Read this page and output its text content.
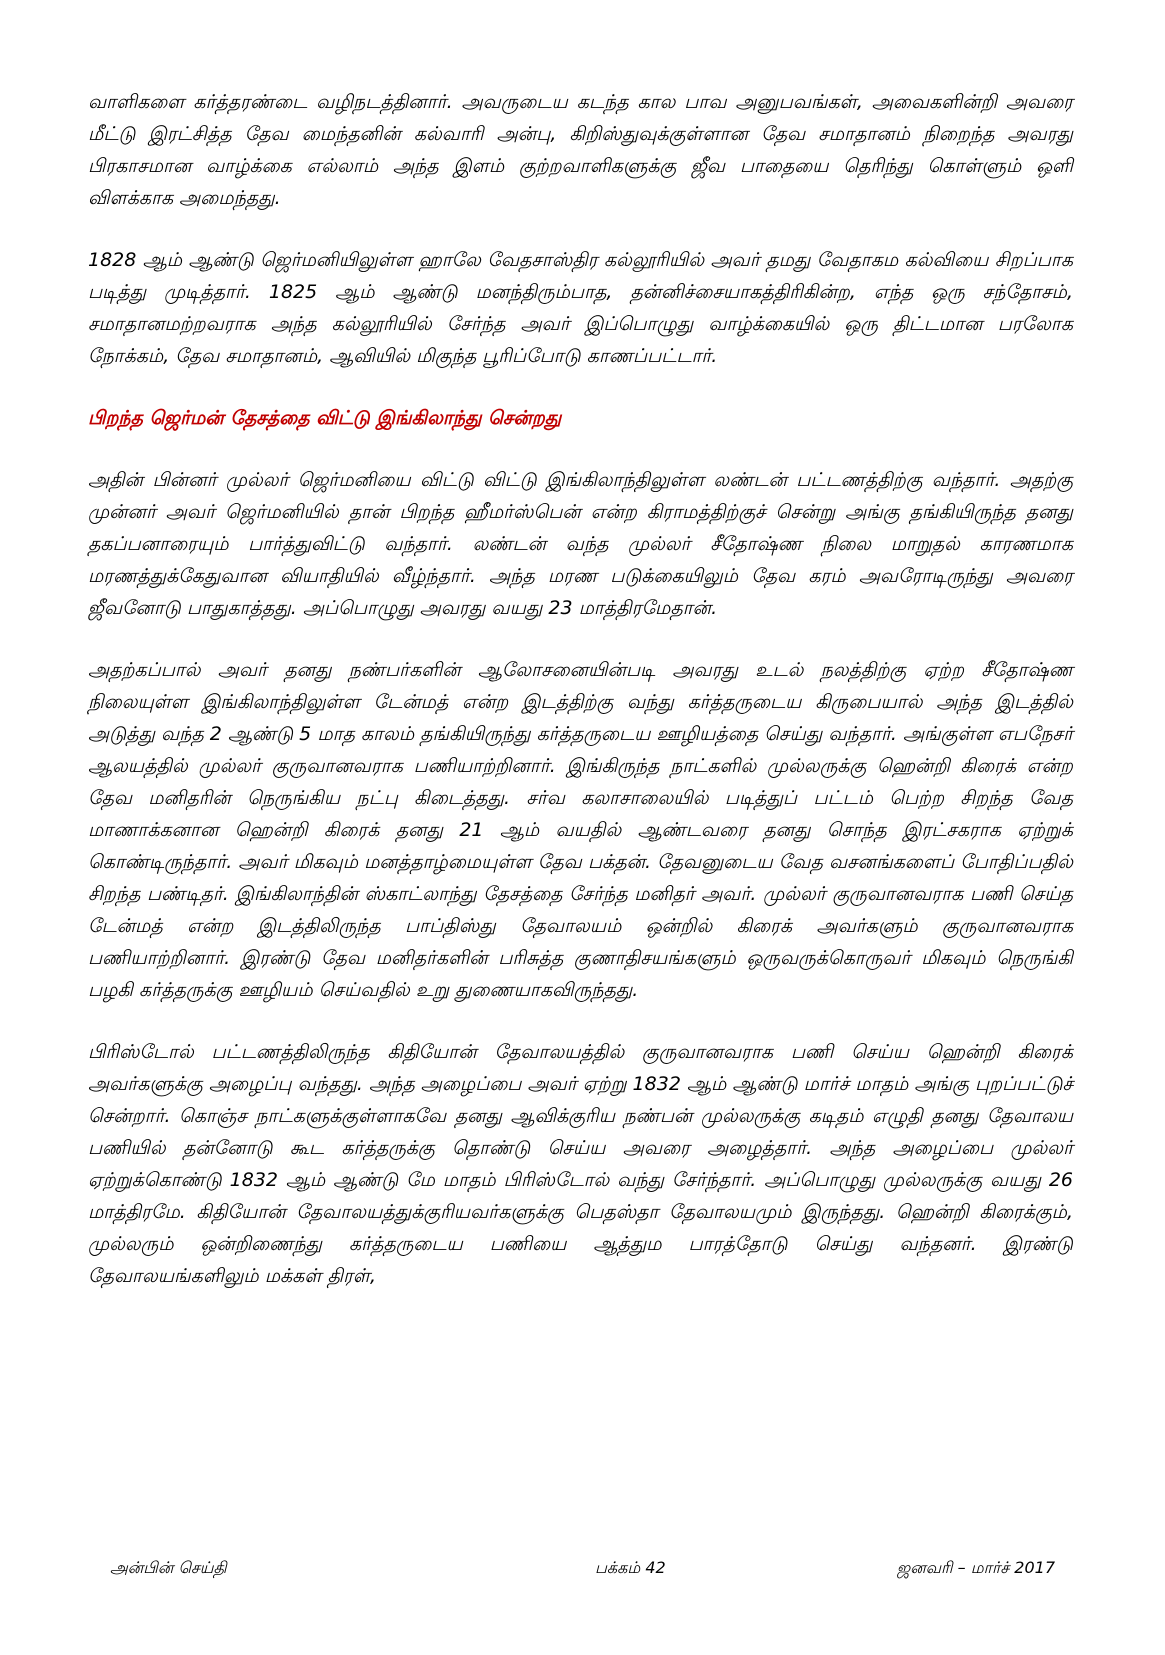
வாளிகளை கர்த்தரண்டை வழிநடத்தினார். அவருடைய கடந்த கால பாவ அனுபவங்கள், அவைகளின்றி அவரை மீட்டு இரட்சித்த தேவ மைந்தனின் கல்வாரி அன்பு, கிறிஸ்துவுக்குள்ளான தேவ சமாதானம் நிறைந்த அவரது பிரகாசமான வாழ்க்கை எல்லாம் அந்த இளம் குற்றவாளிகளுக்கு ஜீவ பாதையை தெரிந்து கொள்ளும் ஒளி விளக்காக அமைந்தது.

1828 ஆம் ஆண்டு ஜெர்மனியிலுள்ள ஹாலே வேதசாஸ்திர கல்லூரியில் அவர் தமது வேதாகம கல்வியை சிறப்பாக படித்து முடித்தார். 1825 ஆம் ஆண்டு மனந்திரும்பாத, தன்னிச்சையாகத்திரிகின்ற, எந்த ஒரு சந்தோசம், சமாதானமற்றவராக அந்த கல்லூரியில் சேர்ந்த அவர் இப்பொழுது வாழ்க்கையில் ஒரு திட்டமான பரலோக நோக்கம், தேவ சமாதானம், ஆவியில் மிகுந்த பூரிப்போடு காணப்பட்டார்.

பிறந்த ஜெர்மன் தேசத்தை விட்டு இங்கிலாந்து சென்றது

அதின் பின்னர் முல்லர் ஜெர்மனியை விட்டு விட்டு இங்கிலாந்திலுள்ள லண்டன் பட்டணத்திற்கு வந்தார். அதற்கு முன்னர் அவர் ஜெர்மனியில் தான் பிறந்த ஹீமர்ஸ்பென் என்ற கிராமத்திற்குச் சென்று அங்கு தங்கியிருந்த தனது தகப்பனாரையும் பார்த்துவிட்டு வந்தார். லண்டன் வந்த முல்லர் சீதோஷ்ண நிலை மாறுதல் காரணமாக மரணத்துக்கேதுவான வியாதியில் வீழ்ந்தார். அந்த மரண படுக்கையிலும் தேவ கரம் அவரோடிருந்து அவரை ஜீவனோடு பாதுகாத்தது. அப்பொழுது அவரது வயது 23 மாத்திரமேதான்.

அதற்கப்பால் அவர் தனது நண்பர்களின் ஆலோசனையின்படி அவரது உடல் நலத்திற்கு ஏற்ற சீதோஷ்ண நிலையுள்ள இங்கிலாந்திலுள்ள டேன்மத் என்ற இடத்திற்கு வந்து கர்த்தருடைய கிருபையால் அந்த இடத்தில் அடுத்து வந்த 2 ஆண்டு 5 மாத காலம் தங்கியிருந்து கர்த்தருடைய ஊழியத்தை செய்து வந்தார். அங்குள்ள எபநேசர் ஆலயத்தில் முல்லர் குருவானவராக பணியாற்றினார். இங்கிருந்த நாட்களில் முல்லருக்கு ஹென்றி கிரைக் என்ற தேவ மனிதரின் நெருங்கிய நட்பு கிடைத்தது. சர்வ கலாசாலையில் படித்துப் பட்டம் பெற்ற சிறந்த வேத மாணாக்கனான ஹென்றி கிரைக் தனது 21 ஆம் வயதில் ஆண்டவரை தனது சொந்த இரட்சகராக ஏற்றுக் கொண்டிருந்தார். அவர் மிகவும் மனத்தாழ்மையுள்ள தேவ பக்தன். தேவனுடைய வேத வசனங்களைப் போதிப்பதில் சிறந்த பண்டிதர். இங்கிலாந்தின் ஸ்காட்லாந்து தேசத்தை சேர்ந்த மனிதர் அவர். முல்லர் குருவானவராக பணி செய்த டேன்மத் என்ற இடத்திலிருந்த பாப்திஸ்து தேவாலயம் ஒன்றில் கிரைக் அவர்களும் குருவானவராக பணியாற்றினார். இரண்டு தேவ மனிதர்களின் பரிசுத்த குணாதிசயங்களும் ஒருவருக்கொருவர் மிகவும் நெருங்கி பழகி கர்த்தருக்கு ஊழியம் செய்வதில் உறு துணையாகவிருந்தது.

பிரிஸ்டோல் பட்டணத்திலிருந்த கிதியோன் தேவாலயத்தில் குருவானவராக பணி செய்ய ஹென்றி கிரைக் அவர்களுக்கு அழைப்பு வந்தது. அந்த அழைப்பை அவர் ஏற்று 1832 ஆம் ஆண்டு மார்ச் மாதம் அங்கு புறப்பட்டுச் சென்றார். கொஞ்ச நாட்களுக்குள்ளாகவே தனது ஆவிக்குரிய நண்பன் முல்லருக்கு கடிதம் எழுதி தனது தேவாலய பணியில் தன்னோடு கூட கர்த்தருக்கு தொண்டு செய்ய அவரை அழைத்தார். அந்த அழைப்பை முல்லர் ஏற்றுக்கொண்டு 1832 ஆம் ஆண்டு மே மாதம் பிரிஸ்டோல் வந்து சேர்ந்தார். அப்பொழுது முல்லருக்கு வயது 26 மாத்திரமே. கிதியோன் தேவாலயத்துக்குரியவர்களுக்கு பெதஸ்தா தேவாலயமும் இருந்தது. ஹென்றி கிரைக்கும், முல்லரும் ஒன்றிணைந்து கர்த்தருடைய பணியை ஆத்தும பாரத்தோடு செய்து வந்தனர். இரண்டு தேவாலயங்களிலும் மக்கள் திரள்,

அன்பின் செய்தி	பக்கம் 42	ஜனவரி – மார்ச் 2017
